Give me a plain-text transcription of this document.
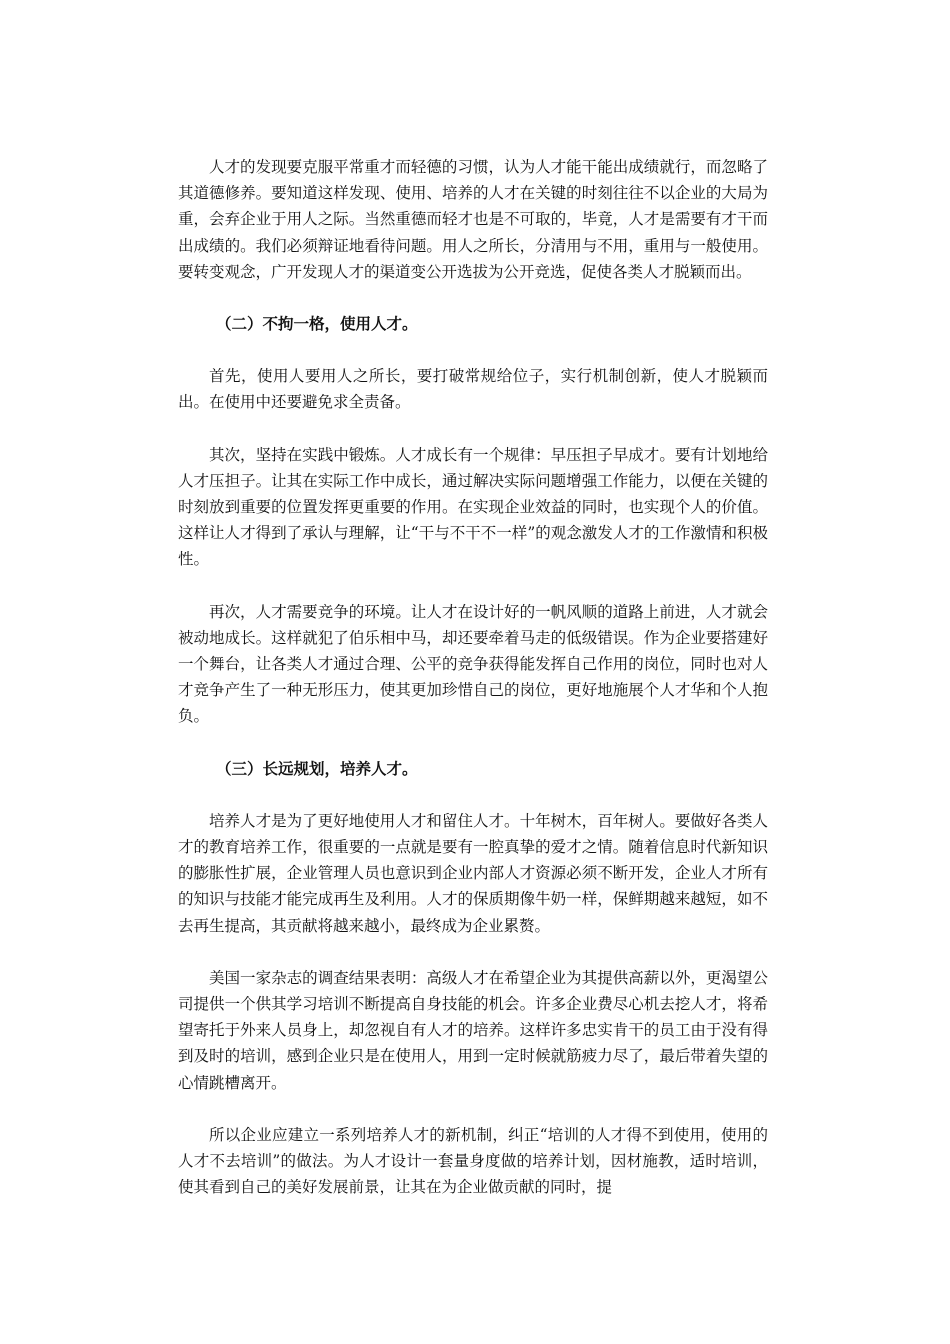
人才的发现要克服平常重才而轻德的习惯，认为人才能干能出成绩就行，而忽略了其道德修养。要知道这样发现、使用、培养的人才在关键的时刻往往不以企业的大局为重，会弃企业于用人之际。当然重德而轻才也是不可取的，毕竟，人才是需要有才干而出成绩的。我们必须辩证地看待问题。用人之所长，分清用与不用，重用与一般使用。要转变观念，广开发现人才的渠道变公开选拔为公开竞选，促使各类人才脱颖而出。

（二）不拘一格，使用人才。

首先，使用人要用人之所长，要打破常规给位子，实行机制创新，使人才脱颖而出。在使用中还要避免求全责备。

其次，坚持在实践中锻炼。人才成长有一个规律：早压担子早成才。要有计划地给人才压担子。让其在实际工作中成长，通过解决实际问题增强工作能力，以便在关键的时刻放到重要的位置发挥更重要的作用。在实现企业效益的同时，也实现个人的价值。这样让人才得到了承认与理解，让“干与不干不一样”的观念激发人才的工作激情和积极性。

再次，人才需要竞争的环境。让人才在设计好的一帆风顺的道路上前进，人才就会被动地成长。这样就犯了伯乐相中马，却还要牵着马走的低级错误。作为企业要搭建好一个舞台，让各类人才通过合理、公平的竞争获得能发挥自己作用的岗位，同时也对人才竞争产生了一种无形压力，使其更加珍惜自己的岗位，更好地施展个人才华和个人抱负。

（三）长远规划，培养人才。

培养人才是为了更好地使用人才和留住人才。十年树木，百年树人。要做好各类人才的教育培养工作，很重要的一点就是要有一腔真挚的爱才之情。随着信息时代新知识的膨胀性扩展，企业管理人员也意识到企业内部人才资源必须不断开发，企业人才所有的知识与技能才能完成再生及利用。人才的保质期像牛奶一样，保鲜期越来越短，如不去再生提高，其贡献将越来越小，最终成为企业累赘。

美国一家杂志的调查结果表明：高级人才在希望企业为其提供高薪以外，更渴望公司提供一个供其学习培训不断提高自身技能的机会。许多企业费尽心机去挖人才，将希望寄托于外来人员身上，却忽视自有人才的培养。这样许多忠实肯干的员工由于没有得到及时的培训，感到企业只是在使用人，用到一定时候就筋疲力尽了，最后带着失望的心情跳槽离开。

所以企业应建立一系列培养人才的新机制，纠正“培训的人才得不到使用，使用的人才不去培训”的做法。为人才设计一套量身度做的培养计划，因材施教，适时培训，使其看到自己的美好发展前景，让其在为企业做贡献的同时，提
